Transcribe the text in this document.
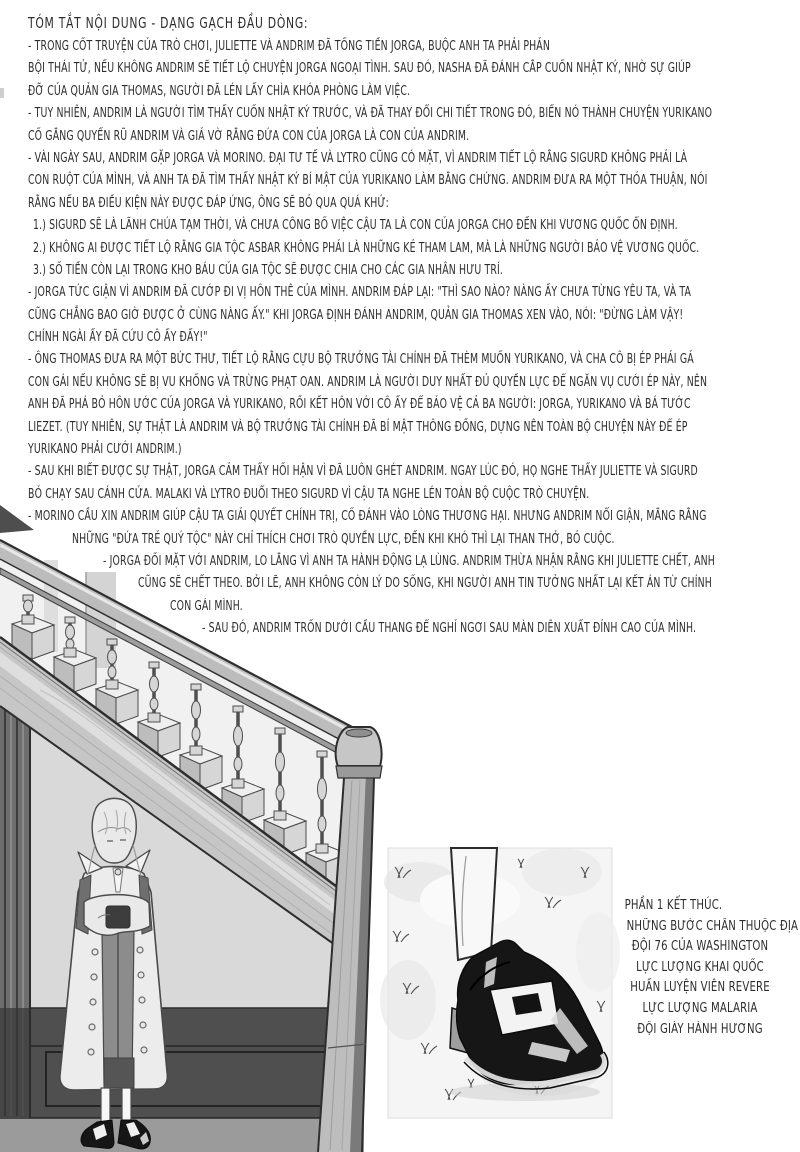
TÓM TẮT NỘI DUNG - DẠNG GẠCH ĐẦU DÒNG:
- TRONG CỐT TRUYỆN CỦA TRÒ CHƠI, JULIETTE VÀ ANDRIM ĐÃ TỐNG TIỀN JORGA, BUỘC ANH TA PHẢI PHẢN
BỘI THÁI TỬ, NẾU KHÔNG ANDRIM SẼ TIẾT LỘ CHUYỆN JORGA NGOẠI TÌNH. SAU ĐÓ, NASHA ĐÃ ĐÁNH CẮP CUỐN NHẬT KÝ, NHỜ SỰ GIÚP
ĐỠ CỦA QUẢN GIA THOMAS, NGƯỜI ĐÃ LÉN LẤY CHÌA KHÓA PHÒNG LÀM VIỆC.
- TUY NHIÊN, ANDRIM LÀ NGƯỜI TÌM THẤY CUỐN NHẬT KÝ TRƯỚC, VÀ ĐÃ THAY ĐỔI CHI TIẾT TRONG ĐÓ, BIẾN NÓ THÀNH CHUYỆN YURIKANO
CỐ GẮNG QUYẾN RŨ ANDRIM VÀ GIẢ VỜ RẰNG ĐỨA CON CỦA JORGA LÀ CON CỦA ANDRIM.
- VÀI NGÀY SAU, ANDRIM GẶP JORGA VÀ MORINO. ĐẠI TƯ TẾ VÀ LYTRO CŨNG CÓ MẶT, VÌ ANDRIM TIẾT LỘ RẰNG SIGURD KHÔNG PHẢI LÀ
CON RUỘT CỦA MÌNH, VÀ ANH TA ĐÃ TÌM THẤY NHẬT KÝ BÍ MẬT CỦA YURIKANO LÀM BẰNG CHỨNG. ANDRIM ĐƯA RA MỘT THỎA THUẬN, NÓI
RẰNG NẾU BA ĐIỀU KIỆN NÀY ĐƯỢC ĐÁP ỨNG, ÔNG SẼ BỎ QUA QUÁ KHỨ:
1.) SIGURD SẼ LÀ LÃNH CHÚA TẠM THỜI, VÀ CHƯA CÔNG BỐ VIỆC CẬU TA LÀ CON CỦA JORGA CHO ĐẾN KHI VƯƠNG QUỐC ỔN ĐỊNH.
2.) KHÔNG AI ĐƯỢC TIẾT LỘ RẰNG GIA TỘC ASBAR KHÔNG PHẢI LÀ NHỮNG KẺ THAM LAM, MÀ LÀ NHỮNG NGƯỜI BẢO VỆ VƯƠNG QUỐC.
3.) SỐ TIỀN CÒN LẠI TRONG KHO BÁU CỦA GIA TỘC SẼ ĐƯỢC CHIA CHO CÁC GIA NHÂN HƯU TRÍ.
- JORGA TỨC GIẬN VÌ ANDRIM ĐÃ CƯỚP ĐI VỊ HÔN THÊ CỦA MÌNH. ANDRIM ĐÁP LẠI: "THÌ SAO NÀO? NÀNG ẤY CHƯA TỪNG YÊU TA, VÀ TA
CŨNG CHẲNG BAO GIỜ ĐƯỢC Ở CÙNG NÀNG ẤY." KHI JORGA ĐỊNH ĐÁNH ANDRIM, QUẢN GIA THOMAS XEN VÀO, NÓI: "ĐỪNG LÀM VẬY!
CHÍNH NGÀI ẤY ĐÃ CỨU CÔ ẤY ĐẤY!"
- ÔNG THOMAS ĐƯA RA MỘT BỨC THƯ, TIẾT LỘ RẰNG CỰU BỘ TRƯỞNG TÀI CHÍNH ĐÃ THÈM MUỐN YURIKANO, VÀ CHA CÔ BỊ ÉP PHẢI GẢ
CON GÁI NẾU KHÔNG SẼ BỊ VU KHỐNG VÀ TRỪNG PHẠT OAN. ANDRIM LÀ NGƯỜI DUY NHẤT ĐỦ QUYỀN LỰC ĐỂ NGĂN VỤ CƯỚI ÉP NÀY, NÊN
ANH ĐÃ PHÁ BỎ HÔN ƯỚC CỦA JORGA VÀ YURIKANO, RỒI KẾT HÔN VỚI CÔ ẤY ĐỂ BẢO VỆ CẢ BA NGƯỜI: JORGA, YURIKANO VÀ BÁ TƯỚC
LIEZET. (TUY NHIÊN, SỰ THẬT LÀ ANDRIM VÀ BỘ TRƯỞNG TÀI CHÍNH ĐÃ BÍ MẬT THÔNG ĐỒNG, DỰNG NÊN TOÀN BỘ CHUYỆN NÀY ĐỂ ÉP
YURIKANO PHẢI CƯỚI ANDRIM.)
- SAU KHI BIẾT ĐƯỢC SỰ THẬT, JORGA CẢM THẤY HỐI HẬN VÌ ĐÃ LUÔN GHÉT ANDRIM. NGAY LÚC ĐÓ, HỌ NGHE THẤY JULIETTE VÀ SIGURD
BỎ CHẠY SAU CÁNH CỬA. MALAKI VÀ LYTRO ĐUỔI THEO SIGURD VÌ CẬU TA NGHE LÉN TOÀN BỘ CUỘC TRÒ CHUYỆN.
- MORINO CẦU XIN ANDRIM GIÚP CẬU TA GIẢI QUYẾT CHÍNH TRỊ, CỐ ĐÁNH VÀO LÒNG THƯƠNG HẠI. NHƯNG ANDRIM NỔI GIẬN, MẮNG RẰNG
NHỮNG "ĐỨA TRẺ QUÝ TỘC" NÀY CHỈ THÍCH CHƠI TRÒ QUYỀN LỰC, ĐẾN KHI KHÓ THÌ LẠI THAN THỞ, BỎ CUỘC.
- JORGA ĐỐI MẶT VỚI ANDRIM, LO LẮNG VÌ ANH TA HÀNH ĐỘNG LẠ LÙNG. ANDRIM THỪA NHẬN RẰNG KHI JULIETTE CHẾT, ANH
CŨNG SẼ CHẾT THEO. BỞI LẼ, ANH KHÔNG CÒN LÝ DO SỐNG, KHI NGƯỜI ANH TIN TƯỞNG NHẤT LẠI KẾT ÁN TỪ CHÍNH
CON GÁI MÌNH.
- SAU ĐÓ, ANDRIM TRỐN DƯỚI CẦU THANG ĐỂ NGHỈ NGƠI SAU MÀN DIỄN XUẤT ĐỈNH CAO CỦA MÌNH.
PHẦN 1 KẾT THÚC.
NHỮNG BƯỚC CHÂN THUỘC ĐỊA
ĐỘI 76 CỦA WASHINGTON
LỰC LƯỢNG KHAI QUỐC
HUẤN LUYỆN VIÊN REVERE
LỰC LƯỢNG MALARIA
ĐỘI GIÀY HÀNH HƯƠNG
